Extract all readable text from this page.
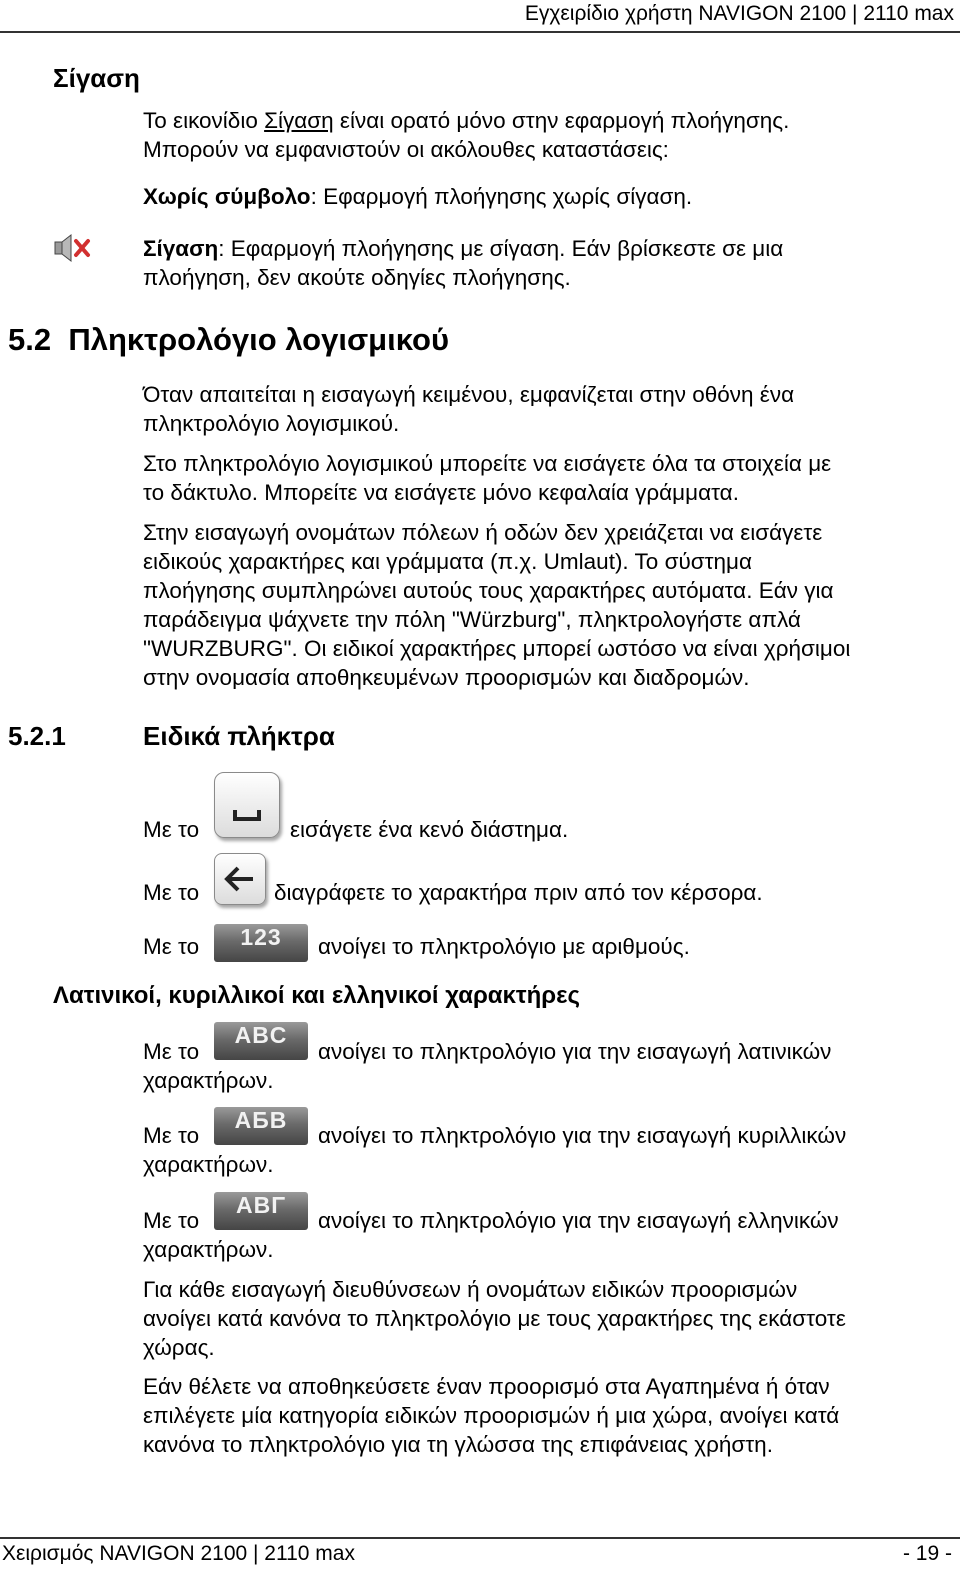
Εγχειρίδιο χρήστη NAVIGON 2100 | 2110 max
Σίγαση
Το εικονίδιο Σίγαση είναι ορατό μόνο στην εφαρμογή πλοήγησης.
Μπορούν να εμφανιστούν οι ακόλουθες καταστάσεις:
Χωρίς σύμβολο: Εφαρμογή πλοήγησης χωρίς σίγαση.
Σίγαση: Εφαρμογή πλοήγησης με σίγαση. Εάν βρίσκεστε σε μια
πλοήγηση, δεν ακούτε οδηγίες πλοήγησης.
5.2  Πληκτρολόγιο λογισμικού
Όταν απαιτείται η εισαγωγή κειμένου, εμφανίζεται στην οθόνη ένα
πληκτρολόγιο λογισμικού.
Στο πληκτρολόγιο λογισμικού μπορείτε να εισάγετε όλα τα στοιχεία με
το δάκτυλο. Μπορείτε να εισάγετε μόνο κεφαλαία γράμματα.
Στην εισαγωγή ονομάτων πόλεων ή οδών δεν χρειάζεται να εισάγετε
ειδικούς χαρακτήρες και γράμματα (π.χ. Umlaut). Το σύστημα
πλοήγησης συμπληρώνει αυτούς τους χαρακτήρες αυτόματα. Εάν για
παράδειγμα ψάχνετε την πόλη "Würzburg", πληκτρολογήστε απλά
"WURZBURG". Οι ειδικοί χαρακτήρες μπορεί ωστόσο να είναι χρήσιμοι
στην ονομασία αποθηκευμένων προορισμών και διαδρομών.
5.2.1	Ειδικά πλήκτρα
Με το	εισάγετε ένα κενό διάστημα.
Με το	διαγράφετε το χαρακτήρα πριν από τον κέρσορα.
Με το	123	ανοίγει το πληκτρολόγιο με αριθμούς.
Λατινικοί, κυριλλικοί και ελληνικοί χαρακτήρες
Με το
ABC
ανοίγει το πληκτρολόγιο για την εισαγωγή λατινικών
χαρακτήρων.
Με το
АБВ
ανοίγει το πληκτρολόγιο για την εισαγωγή κυριλλικών
χαρακτήρων.
Με το
ΑΒΓ
ανοίγει το πληκτρολόγιο για την εισαγωγή ελληνικών
χαρακτήρων.
Για κάθε εισαγωγή διευθύνσεων ή ονομάτων ειδικών προορισμών
ανοίγει κατά κανόνα το πληκτρολόγιο με τους χαρακτήρες της εκάστοτε
χώρας.
Εάν θέλετε να αποθηκεύσετε έναν προορισμό στα Αγαπημένα ή όταν
επιλέγετε μία κατηγορία ειδικών προορισμών ή μια χώρα, ανοίγει κατά
κανόνα το πληκτρολόγιο για τη γλώσσα της επιφάνειας χρήστη.
Χειρισμός NAVIGON 2100 | 2110 max	- 19 -
